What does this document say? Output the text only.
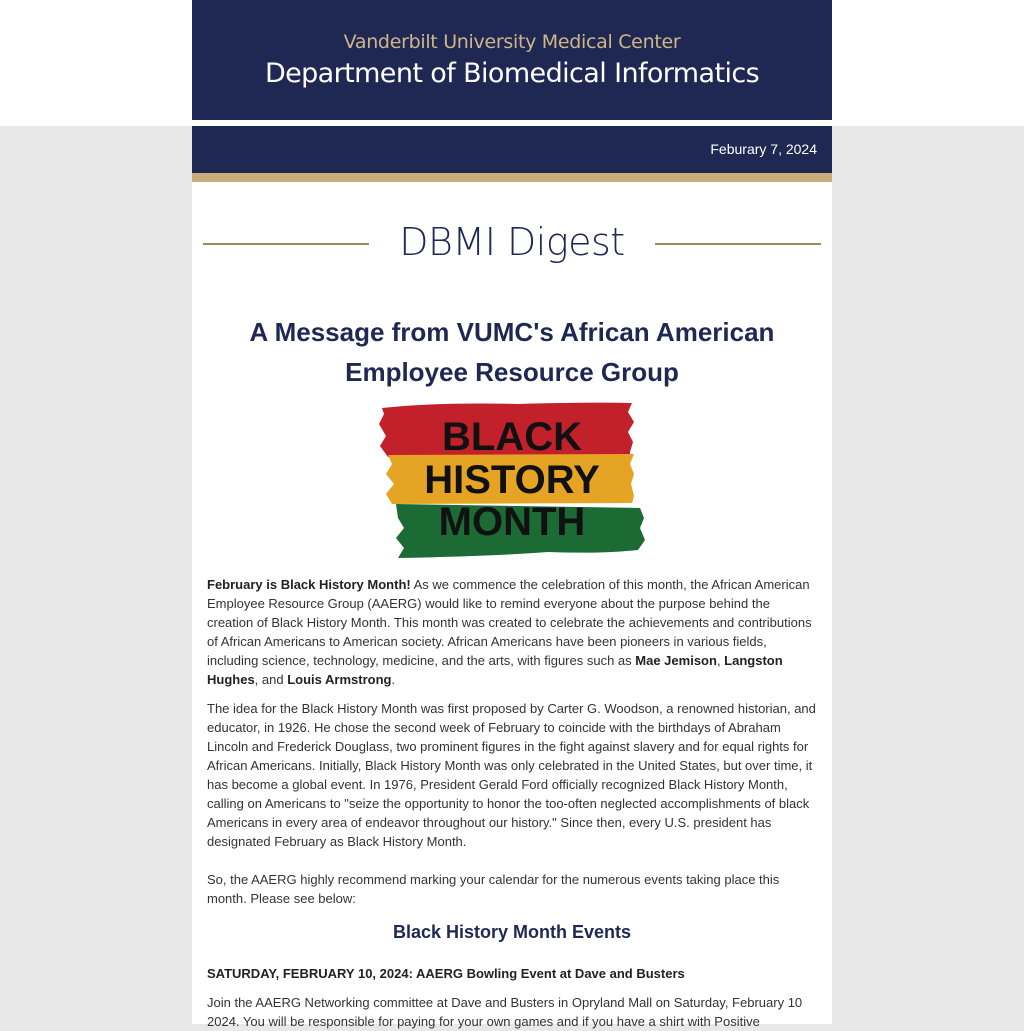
Vanderbilt University Medical Center
Department of Biomedical Informatics
Feburary 7, 2024
DBMI Digest
A Message from VUMC's African American
Employee Resource Group
BLACK
HISTORY
MONTH

February is Black History Month! As we commence the celebration of this month, the African American Employee Resource Group (AAERG) would like to remind everyone about the purpose behind the creation of Black History Month. This month was created to celebrate the achievements and contributions of African Americans to American society. African Americans have been pioneers in various fields, including science, technology, medicine, and the arts, with figures such as Mae Jemison, Langston Hughes, and Louis Armstrong.

The idea for the Black History Month was first proposed by Carter G. Woodson, a renowned historian, and educator, in 1926. He chose the second week of February to coincide with the birthdays of Abraham Lincoln and Frederick Douglass, two prominent figures in the fight against slavery and for equal rights for African Americans. Initially, Black History Month was only celebrated in the United States, but over time, it has become a global event. In 1976, President Gerald Ford officially recognized Black History Month, calling on Americans to "seize the opportunity to honor the too-often neglected accomplishments of black Americans in every area of endeavor throughout our history." Since then, every U.S. president has designated February as Black History Month.

So, the AAERG highly recommend marking your calendar for the numerous events taking place this month. Please see below:

Black History Month Events
SATURDAY, FEBRUARY 10, 2024: AAERG Bowling Event at Dave and Busters

Join the AAERG Networking committee at Dave and Busters in Opryland Mall on Saturday, February 10 2024. You will be responsible for paying for your own games and if you have a shirt with Positive
